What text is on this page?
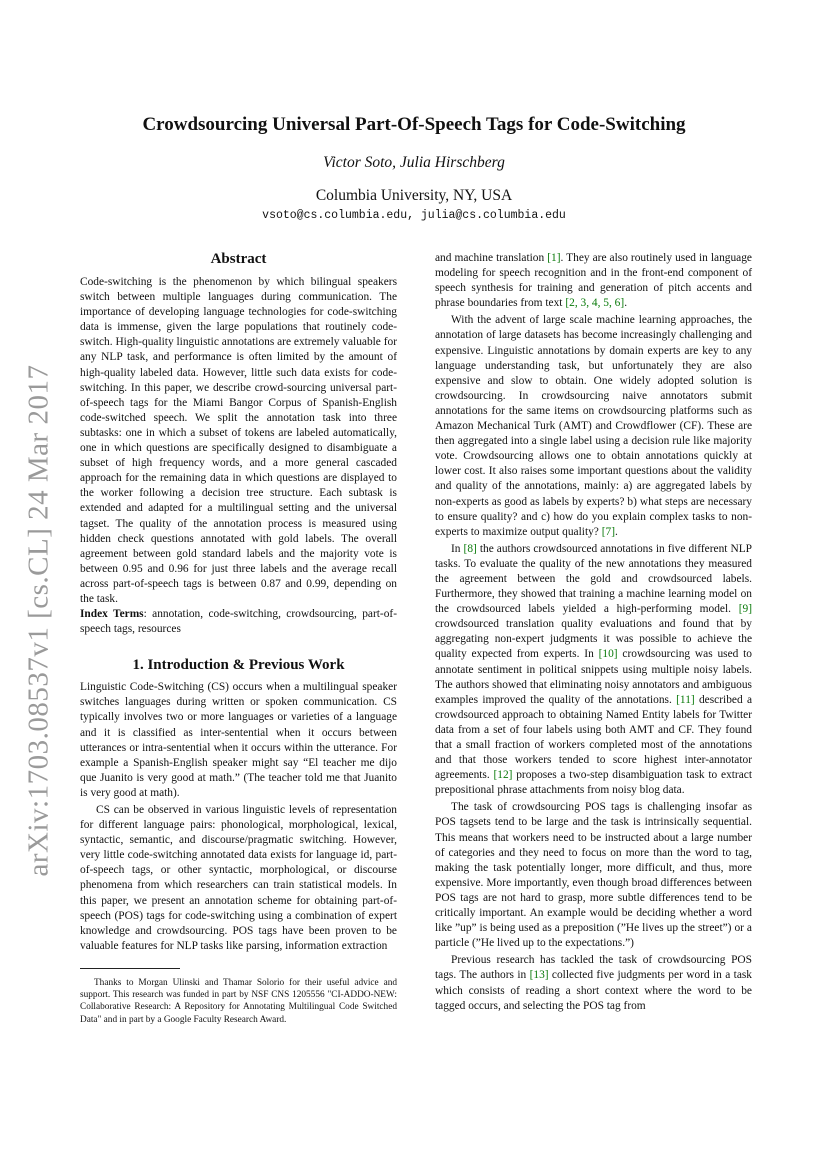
arXiv:1703.08537v1 [cs.CL] 24 Mar 2017
Crowdsourcing Universal Part-Of-Speech Tags for Code-Switching
Victor Soto, Julia Hirschberg
Columbia University, NY, USA
vsoto@cs.columbia.edu, julia@cs.columbia.edu
Abstract

Code-switching is the phenomenon by which bilingual speakers switch between multiple languages during communication. The importance of developing language technologies for code-switching data is immense, given the large populations that routinely code-switch. High-quality linguistic annotations are extremely valuable for any NLP task, and performance is often limited by the amount of high-quality labeled data. However, little such data exists for code-switching. In this paper, we describe crowd-sourcing universal part-of-speech tags for the Miami Bangor Corpus of Spanish-English code-switched speech. We split the annotation task into three subtasks: one in which a subset of tokens are labeled automatically, one in which questions are specifically designed to disambiguate a subset of high frequency words, and a more general cascaded approach for the remaining data in which questions are displayed to the worker following a decision tree structure. Each subtask is extended and adapted for a multilingual setting and the universal tagset. The quality of the annotation process is measured using hidden check questions annotated with gold labels. The overall agreement between gold standard labels and the majority vote is between 0.95 and 0.96 for just three labels and the average recall across part-of-speech tags is between 0.87 and 0.99, depending on the task.

Index Terms: annotation, code-switching, crowdsourcing, part-of-speech tags, resources

1. Introduction & Previous Work

Linguistic Code-Switching (CS) occurs when a multilingual speaker switches languages during written or spoken communication. CS typically involves two or more languages or varieties of a language and it is classified as inter-sentential when it occurs between utterances or intra-sentential when it occurs within the utterance. For example a Spanish-English speaker might say “El teacher me dijo que Juanito is very good at math.” (The teacher told me that Juanito is very good at math).

CS can be observed in various linguistic levels of representation for different language pairs: phonological, morphological, lexical, syntactic, semantic, and discourse/pragmatic switching. However, very little code-switching annotated data exists for language id, part-of-speech tags, or other syntactic, morphological, or discourse phenomena from which researchers can train statistical models. In this paper, we present an annotation scheme for obtaining part-of-speech (POS) tags for code-switching using a combination of expert knowledge and crowdsourcing. POS tags have been proven to be valuable features for NLP tasks like parsing, information extraction

Thanks to Morgan Ulinski and Thamar Solorio for their useful advice and support. This research was funded in part by NSF CNS 1205556 "CI-ADDO-NEW: Collaborative Research: A Repository for Annotating Multilingual Code Switched Data" and in part by a Google Faculty Research Award.

and machine translation [1]. They are also routinely used in language modeling for speech recognition and in the front-end component of speech synthesis for training and generation of pitch accents and phrase boundaries from text [2, 3, 4, 5, 6].

With the advent of large scale machine learning approaches, the annotation of large datasets has become increasingly challenging and expensive. Linguistic annotations by domain experts are key to any language understanding task, but unfortunately they are also expensive and slow to obtain. One widely adopted solution is crowdsourcing. In crowdsourcing naive annotators submit annotations for the same items on crowdsourcing platforms such as Amazon Mechanical Turk (AMT) and Crowdflower (CF). These are then aggregated into a single label using a decision rule like majority vote. Crowdsourcing allows one to obtain annotations quickly at lower cost. It also raises some important questions about the validity and quality of the annotations, mainly: a) are aggregated labels by non-experts as good as labels by experts? b) what steps are necessary to ensure quality? and c) how do you explain complex tasks to non-experts to maximize output quality? [7].

In [8] the authors crowdsourced annotations in five different NLP tasks. To evaluate the quality of the new annotations they measured the agreement between the gold and crowdsourced labels. Furthermore, they showed that training a machine learning model on the crowdsourced labels yielded a high-performing model. [9] crowdsourced translation quality evaluations and found that by aggregating non-expert judgments it was possible to achieve the quality expected from experts. In [10] crowdsourcing was used to annotate sentiment in political snippets using multiple noisy labels. The authors showed that eliminating noisy annotators and ambiguous examples improved the quality of the annotations. [11] described a crowdsourced approach to obtaining Named Entity labels for Twitter data from a set of four labels using both AMT and CF. They found that a small fraction of workers completed most of the annotations and that those workers tended to score highest inter-annotator agreements. [12] proposes a two-step disambiguation task to extract prepositional phrase attachments from noisy blog data.

The task of crowdsourcing POS tags is challenging insofar as POS tagsets tend to be large and the task is intrinsically sequential. This means that workers need to be instructed about a large number of categories and they need to focus on more than the word to tag, making the task potentially longer, more difficult, and thus, more expensive. More importantly, even though broad differences between POS tags are not hard to grasp, more subtle differences tend to be critically important. An example would be deciding whether a word like ”up” is being used as a preposition (”He lives up the street”) or a particle (”He lived up to the expectations.”)

Previous research has tackled the task of crowdsourcing POS tags. The authors in [13] collected five judgments per word in a task which consists of reading a short context where the word to be tagged occurs, and selecting the POS tag from
